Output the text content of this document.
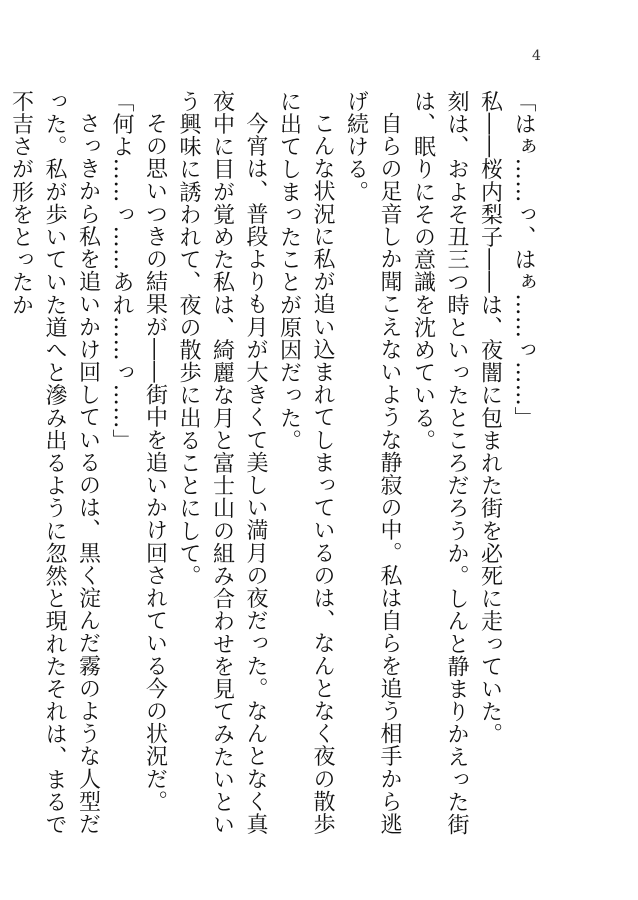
4

「はぁ……っ、はぁ……っ……」

私――桜内梨子――は、夜闇に包まれた街を必死に走っていた。

刻は、およそ丑三つ時といったところだろうか。しんと静まりかえった街は、眠りにその意識を沈めている。

自らの足音しか聞こえないような静寂の中。私は自らを追う相手から逃げ続ける。

こんな状況に私が追い込まれてしまっているのは、なんとなく夜の散歩に出てしまったことが原因だった。

今宵は、普段よりも月が大きくて美しい満月の夜だった。なんとなく真夜中に目が覚めた私は、綺麗な月と富士山の組み合わせを見てみたいという興味に誘われて、夜の散歩に出ることにして。

その思いつきの結果が――街中を追いかけ回されている今の状況だ。

「何よ……っ……あれ……っ……」

さっきから私を追いかけ回しているのは、黒く淀んだ霧のような人型だった。私が歩いていた道へと滲み出るように忽然と現れたそれは、まるで不吉さが形をとったか
